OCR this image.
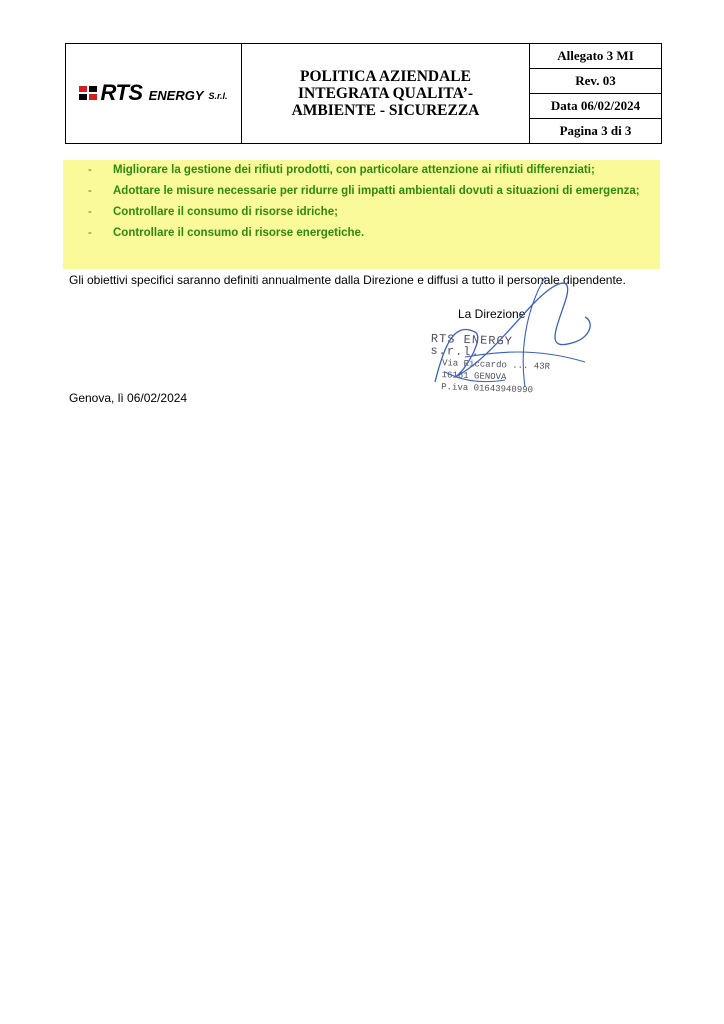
RTS ENERGY S.r.l.

POLITICA AZIENDALE
INTEGRATA QUALITA’-
AMBIENTE - SICUREZZA
	Allegato 3 MI
Rev. 03
Data 06/02/2024
Pagina 3 di 3
- Migliorare la gestione dei rifiuti prodotti, con particolare attenzione ai rifiuti differenziati;
- Adottare le misure necessarie per ridurre gli impatti ambientali dovuti a situazioni di emergenza;
- Controllare il consumo di risorse idriche;
- Controllare il consumo di risorse energetiche.
Gli obiettivi specifici saranno definiti annualmente dalla Direzione e diffusi a tutto il personale dipendente.
La Direzione
RTS ENERGY s.r.l.
Via Riccardo ... 43R
16161 GENOVA
P.iva 01643940990
Genova, lì 06/02/2024
